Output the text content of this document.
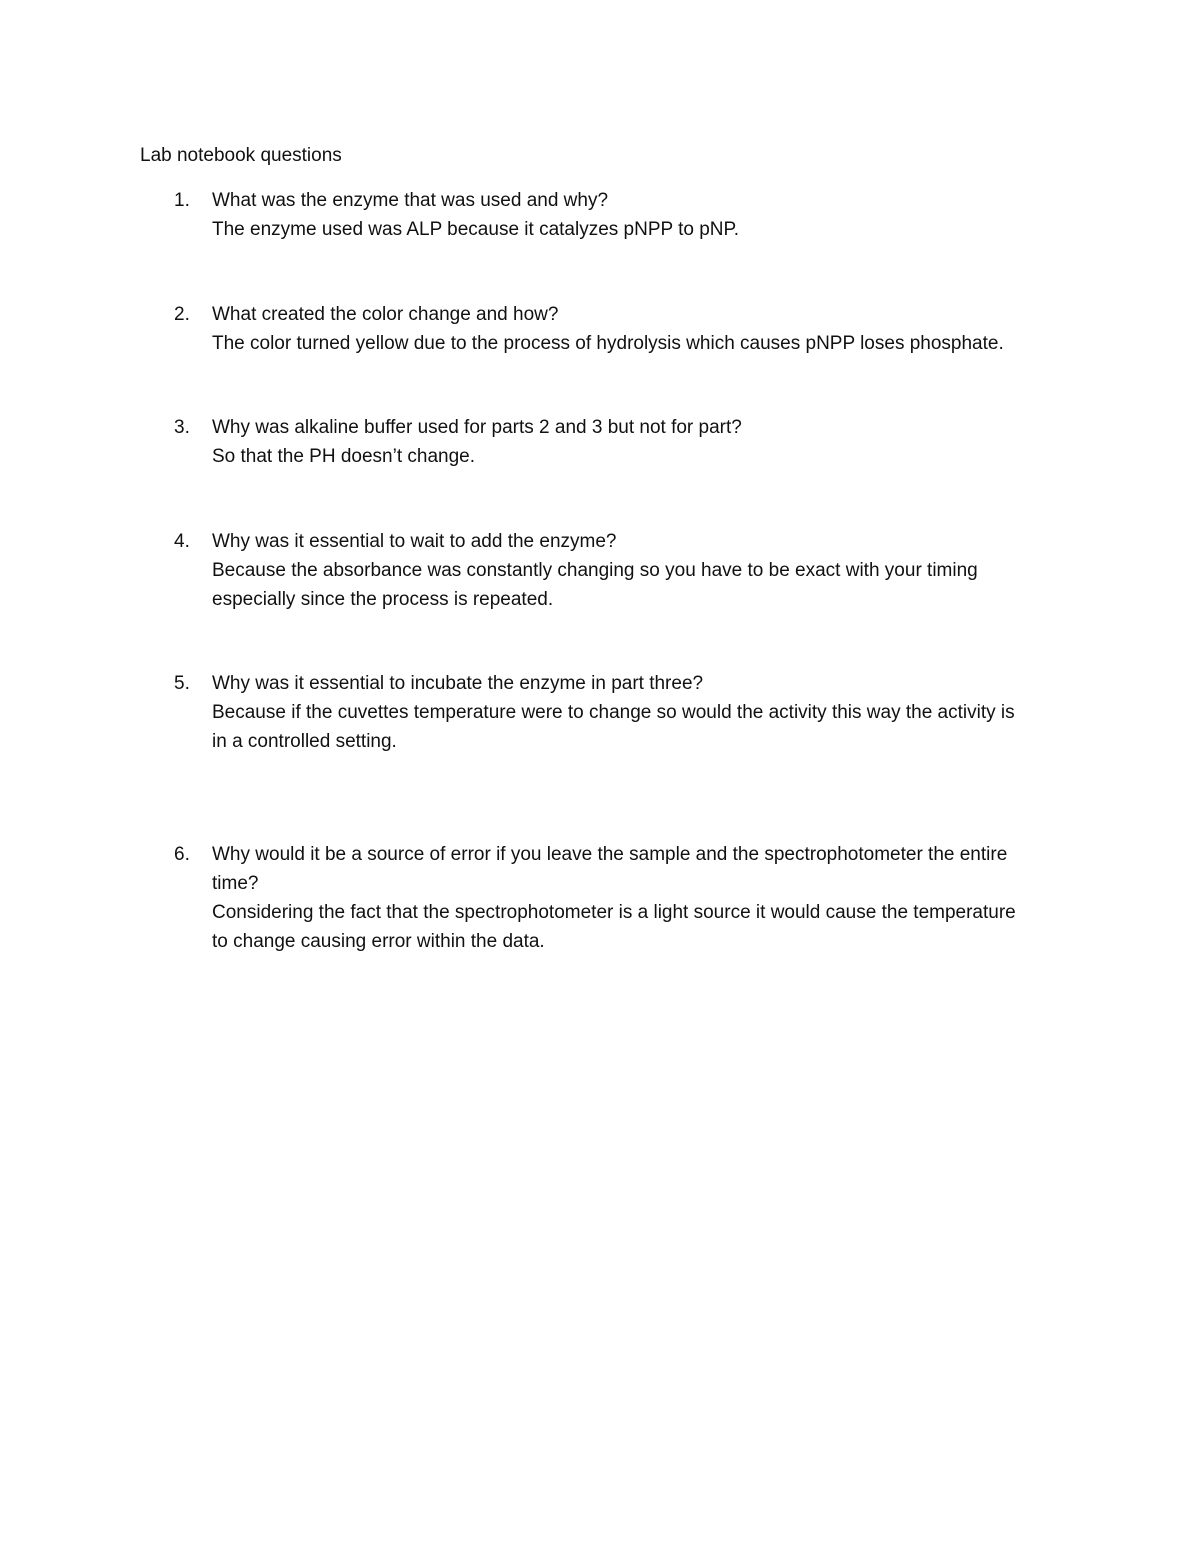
Lab notebook questions
1. What was the enzyme that was used and why?
The enzyme used was ALP because it catalyzes pNPP to pNP.
2. What created the color change and how?
The color turned yellow due to the process of hydrolysis which causes pNPP loses phosphate.
3. Why was alkaline buffer used for parts 2 and 3 but not for part?
So that the PH doesn’t change.
4. Why was it essential to wait to add the enzyme?
Because the absorbance was constantly changing so you have to be exact with your timing
especially since the process is repeated.
5. Why was it essential to incubate the enzyme in part three?
Because if the cuvettes temperature were to change so would the activity this way the activity is
in a controlled setting.
6. Why would it be a source of error if you leave the sample and the spectrophotometer the entire
time?
Considering the fact that the spectrophotometer is a light source it would cause the temperature
to change causing error within the data.
